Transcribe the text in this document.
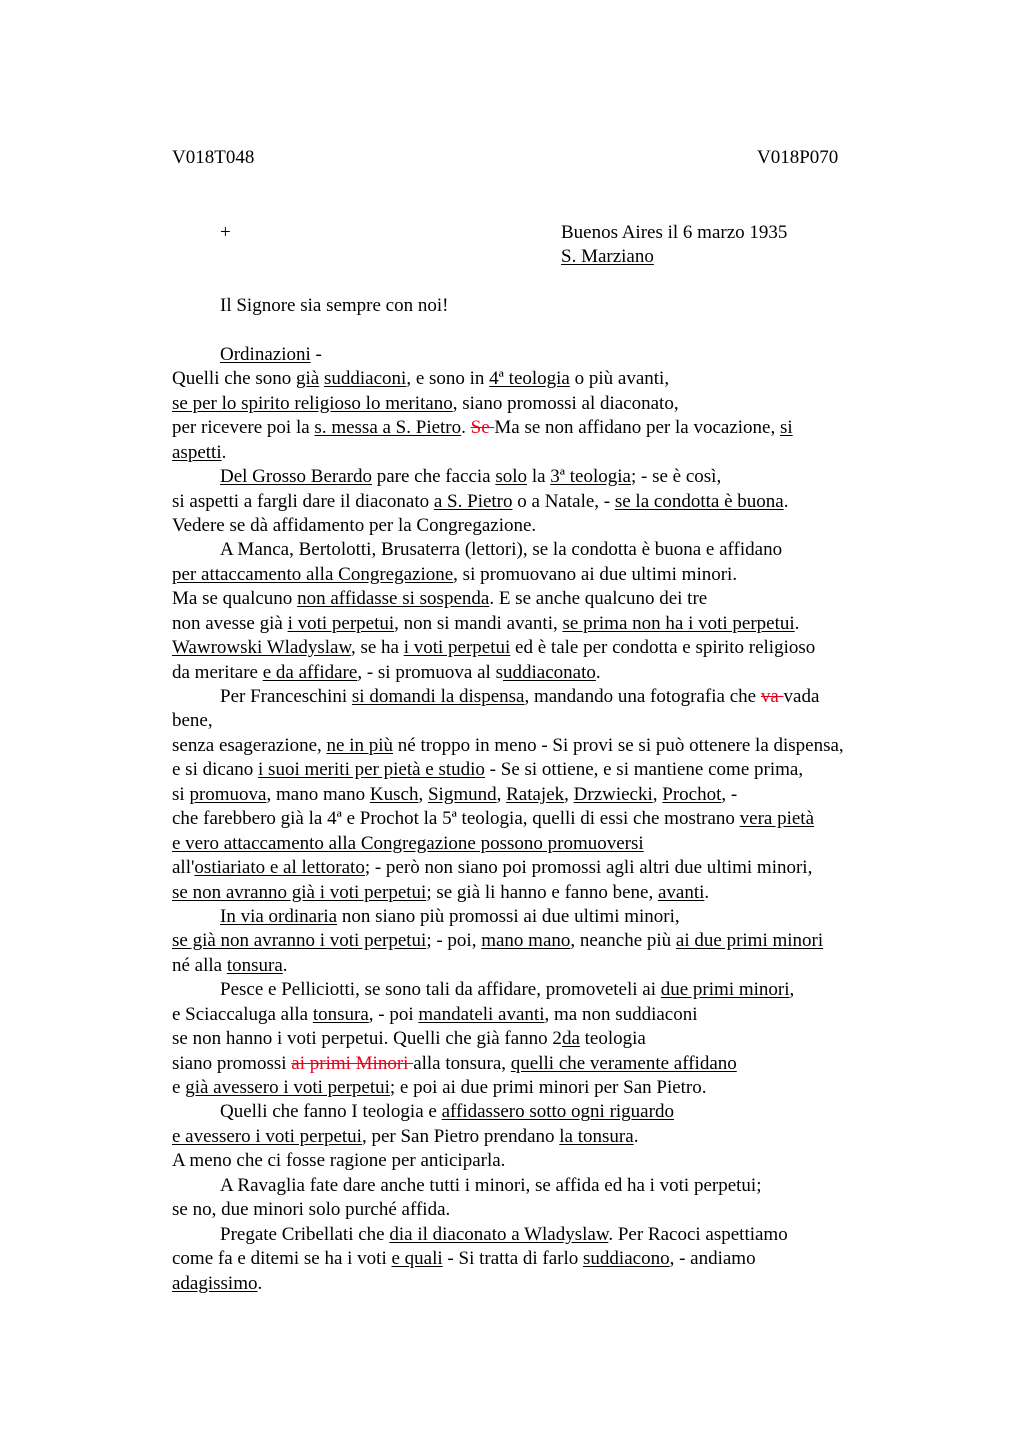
V018T048	V018P070
+	Buenos Aires il 6 marzo 1935
S. Marziano
Il Signore sia sempre con noi!
Ordinazioni -
Quelli che sono già suddiaconi, e sono in 4ª teologia o più avanti,
se per lo spirito religioso lo meritano, siano promossi al diaconato,
per ricevere poi la s. messa a S. Pietro. Se Ma se non affidano per la vocazione, si
aspetti.
Del Grosso Berardo pare che faccia solo la 3ª teologia; - se è così,
si aspetti a fargli dare il diaconato a S. Pietro o a Natale, - se la condotta è buona.
Vedere se dà affidamento per la Congregazione.
A Manca, Bertolotti, Brusaterra (lettori), se la condotta è buona e affidano
per attaccamento alla Congregazione, si promuovano ai due ultimi minori.
Ma se qualcuno non affidasse si sospenda. E se anche qualcuno dei tre
non avesse già i voti perpetui, non si mandi avanti, se prima non ha i voti perpetui.
Wawrowski Wladyslaw, se ha i voti perpetui ed è tale per condotta e spirito religioso
da meritare e da affidare, - si promuova al suddiaconato.
Per Franceschini si domandi la dispensa, mandando una fotografia che va vada
bene,
senza esagerazione, ne in più né troppo in meno - Si provi se si può ottenere la dispensa,
e si dicano i suoi meriti per pietà e studio - Se si ottiene, e si mantiene come prima,
si promuova, mano mano Kusch, Sigmund, Ratajek, Drzwiecki, Prochot, -
che farebbero già la 4ª e Prochot la 5ª teologia, quelli di essi che mostrano vera pietà
e vero attaccamento alla Congregazione possono promuoversi
all'ostiariato e al lettorato; - però non siano poi promossi agli altri due ultimi minori,
se non avranno già i voti perpetui; se già li hanno e fanno bene, avanti.
In via ordinaria non siano più promossi ai due ultimi minori,
se già non avranno i voti perpetui; - poi, mano mano, neanche più ai due primi minori
né alla tonsura.
Pesce e Pelliciotti, se sono tali da affidare, promoveteli ai due primi minori,
e Sciaccaluga alla tonsura, - poi mandateli avanti, ma non suddiaconi
se non hanno i voti perpetui. Quelli che già fanno 2da teologia
siano promossi ai primi Minori alla tonsura, quelli che veramente affidano
e già avessero i voti perpetui; e poi ai due primi minori per San Pietro.
Quelli che fanno I teologia e affidassero sotto ogni riguardo
e avessero i voti perpetui, per San Pietro prendano la tonsura.
A meno che ci fosse ragione per anticiparla.
A Ravaglia fate dare anche tutti i minori, se affida ed ha i voti perpetui;
se no, due minori solo purché affida.
Pregate Cribellati che dia il diaconato a Wladyslaw. Per Racoci aspettiamo
come fa e ditemi se ha i voti e quali - Si tratta di farlo suddiacono, - andiamo
adagissimo.
